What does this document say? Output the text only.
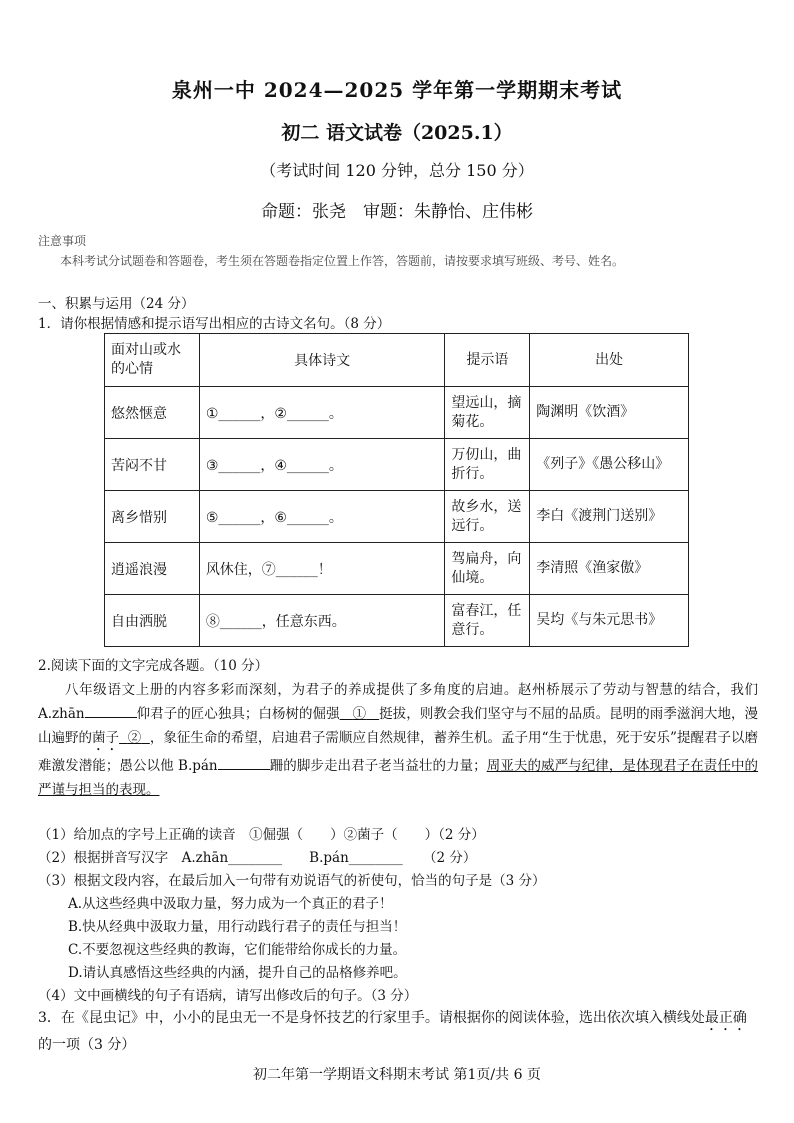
泉州一中 2024—2025 学年第一学期期末考试
初二 语文试卷（2025.1）
（考试时间 120 分钟，总分 150 分）
命题：张尧　审题：朱静怡、庄伟彬
注意事项
本科考试分试题卷和答题卷，考生须在答题卷指定位置上作答，答题前，请按要求填写班级、考号、姓名。
一、积累与运用（24 分）
1．请你根据情感和提示语写出相应的古诗文名句。（8 分）
面对山或水的心情	具体诗文	提示语	出处
悠然惬意	①______，②______。	望远山，摘菊花。	陶渊明《饮酒》
苦闷不甘	③______，④______。	万仞山，曲折行。	《列子》《愚公移山》
离乡惜别	⑤______，⑥______。	故乡水，送远行。	李白《渡荆门送别》
逍遥浪漫	风休住，⑦______！	驾扁舟，向仙境。	李清照《渔家傲》
自由洒脱	⑧______，任意东西。	富春江，任意行。	吴均《与朱元思书》
2.阅读下面的文字完成各题。（10 分）
八年级语文上册的内容多彩而深刻，为君子的养成提供了多角度的启迪。赵州桥展示了劳动与智慧的结合，我们 A.zhān	仰君子的匠心独具；白杨树的倔强 ① 挺拔，则教会我们坚守与不屈的品质。昆明的雨季滋润大地，漫山遍野的菌子 ② ，象征生命的希望，启迪君子需顺应自然规律，蓄养生机。孟子用“生于忧患，死于安乐”提醒君子以磨难激发潜能；愚公以他 B.pán	跚的脚步走出君子老当益壮的力量；周亚夫的威严与纪律，是体现君子在责任中的严谨与担当的表现。
（1）给加点的字号上正确的读音　①倔强（　　）②菌子（　　）（2 分）
（2）根据拼音写汉字　A.zhān________　　B.pán________　　（2 分）
（3）根据文段内容，在最后加入一句带有劝说语气的祈使句，恰当的句子是（3 分）
A.从这些经典中汲取力量，努力成为一个真正的君子！
B.快从经典中汲取力量，用行动践行君子的责任与担当！
C.不要忽视这些经典的教诲，它们能带给你成长的力量。
D.请认真感悟这些经典的内涵，提升自己的品格修养吧。
（4）文中画横线的句子有语病，请写出修改后的句子。（3 分）
3．在《昆虫记》中，小小的昆虫无一不是身怀技艺的行家里手。请根据你的阅读体验，选出依次填入横线处最正确的一项（3 分）
初二年第一学期语文科期末考试 第1页/共 6 页
